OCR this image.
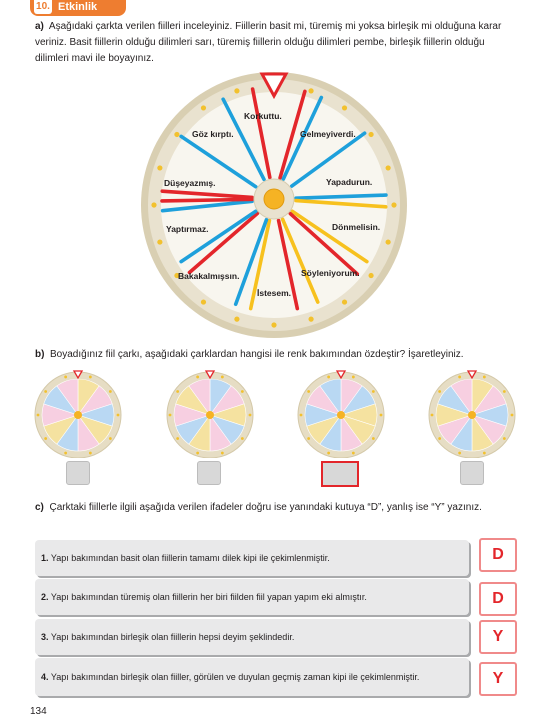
10. Etkinlik

a) Aşağıdaki çarkta verilen fiilleri inceleyiniz. Fiillerin basit mi, türemiş mi yoksa birleşik mi olduğuna karar veriniz. Basit fiillerin olduğu dilimleri sarı, türemiş fiillerin olduğu dilimleri pembe, birleşik fiillerin olduğu dilimleri mavi ile boyayınız.

Korkuttu.
Gelmeyiverdi.
Yapadurun.
Dönmelisin.
Söyleniyorum.
İstesem.
Bakakalmışsın.
Yaptırmaz.
Düşeyazmış.
Göz kırptı.

b) Boyadığınız fiil çarkı, aşağıdaki çarklardan hangisi ile renk bakımından özdeştir? İşaretleyiniz.

c) Çarktaki fiillerle ilgili aşağıda verilen ifadeler doğru ise yanındaki kutuya “D”, yanlış ise “Y” yazınız.

1. Yapı bakımından basit olan fiillerin tamamı dilek kipi ile çekimlenmiştir.	D
2. Yapı bakımından türemiş olan fiillerin her biri fiilden fiil yapan yapım eki almıştır.	D
3. Yapı bakımından birleşik olan fiillerin hepsi deyim şeklindedir.	Y
4. Yapı bakımından birleşik olan fiiller, görülen ve duyulan geçmiş zaman kipi ile çekimlenmiştir.	Y
134
